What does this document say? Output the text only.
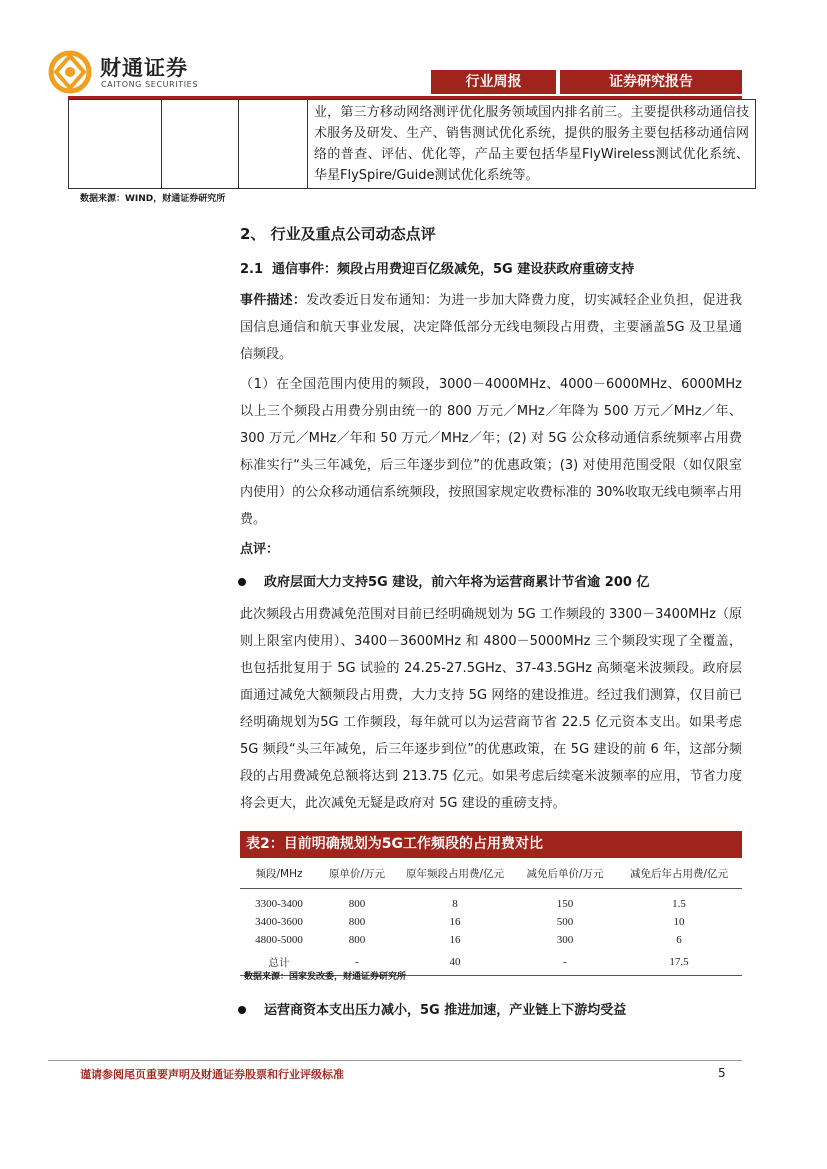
财通证券
CAITONG SECURITIES	行业周报	证券研究报告
			业，第三方移动网络测评优化服务领域国内排名前三。主要提供移动通信技术服务及研发、生产、销售测试优化系统，提供的服务主要包括移动通信网络的普查、评估、优化等，产品主要包括华星FlyWireless测试优化系统、华星FlySpire/Guide测试优化系统等。
数据来源：WIND，财通证券研究所
2、 行业及重点公司动态点评
2.1 通信事件：频段占用费迎百亿级减免，5G 建设获政府重磅支持
事件描述：发改委近日发布通知：为进一步加大降费力度，切实减轻企业负担，促进我国信息通信和航天事业发展，决定降低部分无线电频段占用费，主要涵盖5G 及卫星通信频段。
（1）在全国范围内使用的频段，3000－4000MHz、4000－6000MHz、6000MHz 以上三个频段占用费分别由统一的 800 万元／MHz／年降为 500 万元／MHz／年、300 万元／MHz／年和 50 万元／MHz／年；(2) 对 5G 公众移动通信系统频率占用费标准实行“头三年减免，后三年逐步到位”的优惠政策；(3) 对使用范围受限（如仅限室内使用）的公众移动通信系统频段，按照国家规定收费标准的 30%收取无线电频率占用费。
点评：
政府层面大力支持5G 建设，前六年将为运营商累计节省逾 200 亿
此次频段占用费减免范围对目前已经明确规划为 5G 工作频段的 3300－3400MHz（原则上限室内使用）、3400－3600MHz 和 4800－5000MHz 三个频段实现了全覆盖，也包括批复用于 5G 试验的 24.25-27.5GHz、37-43.5GHz 高频毫米波频段。政府层面通过减免大额频段占用费，大力支持 5G 网络的建设推进。经过我们测算，仅目前已经明确规划为5G 工作频段，每年就可以为运营商节省 22.5 亿元资本支出。如果考虑5G 频段“头三年减免，后三年逐步到位”的优惠政策，在 5G 建设的前 6 年，这部分频段的占用费减免总额将达到 213.75 亿元。如果考虑后续毫米波频率的应用，节省力度将会更大，此次减免无疑是政府对 5G 建设的重磅支持。
表2：目前明确规划为5G工作频段的占用费对比
频段/MHz	原单价/万元	原年频段占用费/亿元	减免后单价/万元	减免后年占用费/亿元

3300-3400	800	8	150	1.5
3400-3600	800	16	500	10
4800-5000	800	16	300	6
总计	-	40	-	17.5
数据来源：国家发改委，财通证券研究所
运营商资本支出压力减小，5G 推进加速，产业链上下游均受益
谨请参阅尾页重要声明及财通证券股票和行业评级标准	5
